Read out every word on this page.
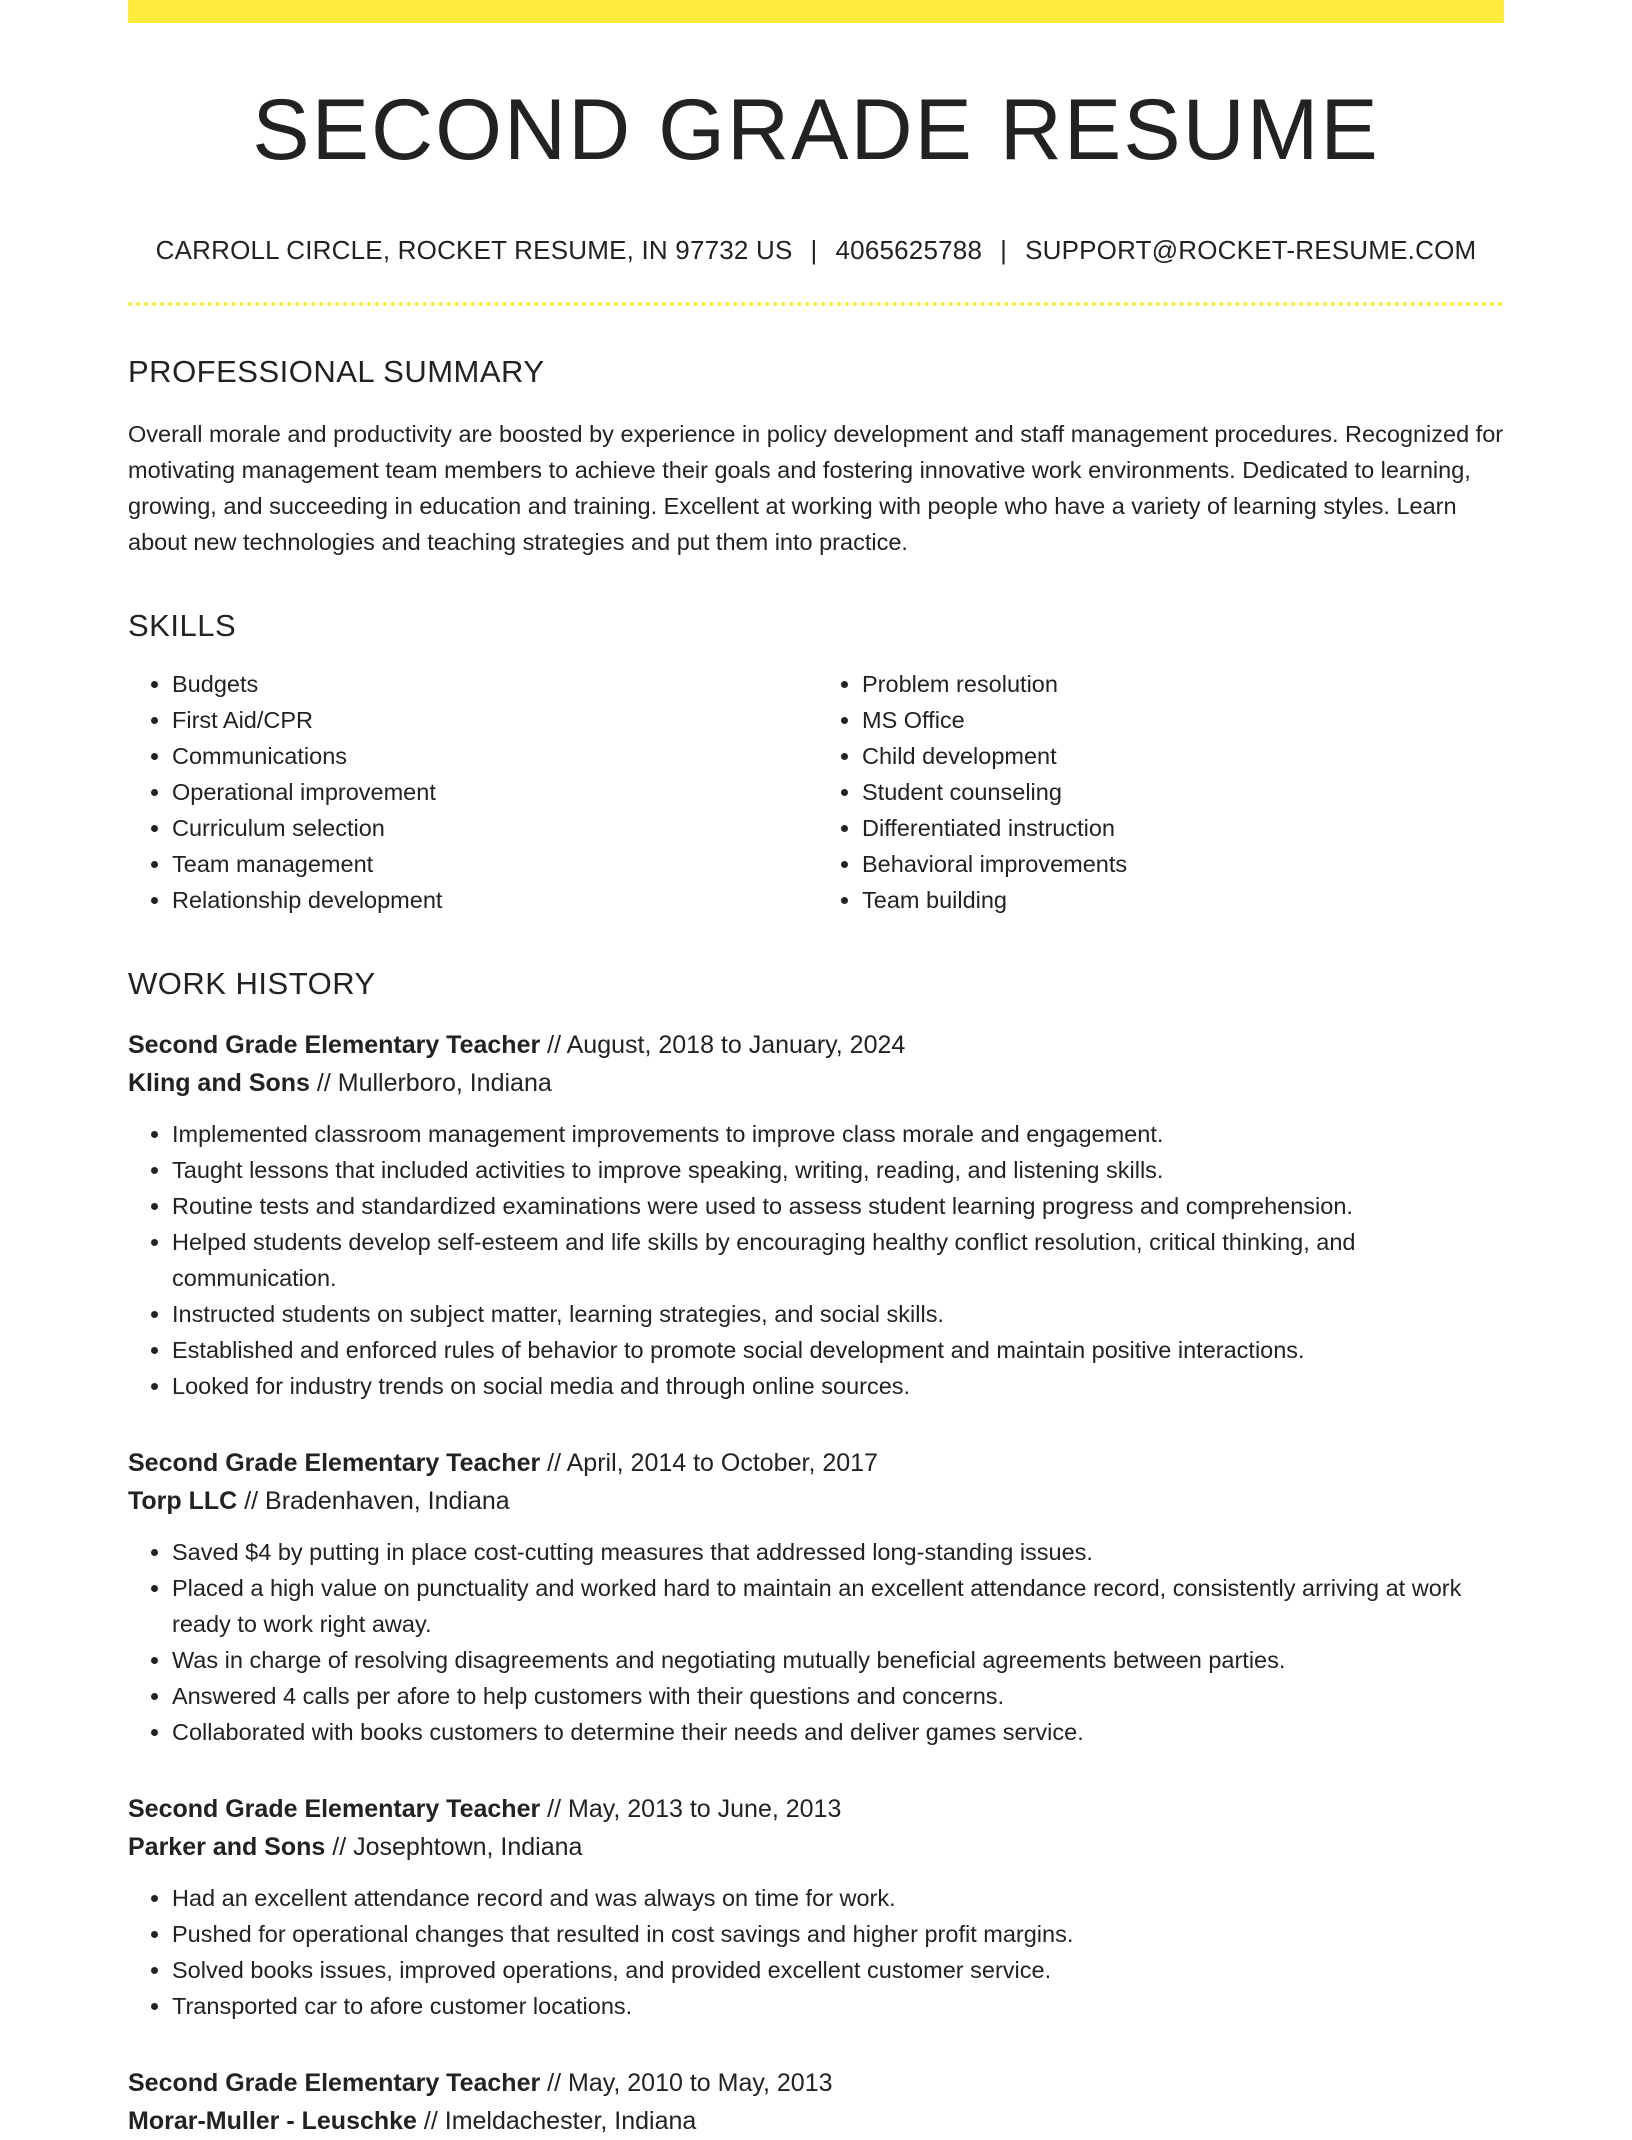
SECOND GRADE RESUME
CARROLL CIRCLE, ROCKET RESUME, IN 97732 US | 4065625788 | SUPPORT@ROCKET-RESUME.COM
PROFESSIONAL SUMMARY

Overall morale and productivity are boosted by experience in policy development and staff management procedures. Recognized for motivating management team members to achieve their goals and fostering innovative work environments. Dedicated to learning, growing, and succeeding in education and training. Excellent at working with people who have a variety of learning styles. Learn about new technologies and teaching strategies and put them into practice.

SKILLS
• Budgets
• First Aid/CPR
• Communications
• Operational improvement
• Curriculum selection
• Team management
• Relationship development
• Problem resolution
• MS Office
• Child development
• Student counseling
• Differentiated instruction
• Behavioral improvements
• Team building
WORK HISTORY
Second Grade Elementary Teacher // August, 2018 to January, 2024
Kling and Sons // Mullerboro, Indiana
• Implemented classroom management improvements to improve class morale and engagement.
• Taught lessons that included activities to improve speaking, writing, reading, and listening skills.
• Routine tests and standardized examinations were used to assess student learning progress and comprehension.
• Helped students develop self-esteem and life skills by encouraging healthy conflict resolution, critical thinking, and communication.
• Instructed students on subject matter, learning strategies, and social skills.
• Established and enforced rules of behavior to promote social development and maintain positive interactions.
• Looked for industry trends on social media and through online sources.
Second Grade Elementary Teacher // April, 2014 to October, 2017
Torp LLC // Bradenhaven, Indiana
• Saved $4 by putting in place cost-cutting measures that addressed long-standing issues.
• Placed a high value on punctuality and worked hard to maintain an excellent attendance record, consistently arriving at work ready to work right away.
• Was in charge of resolving disagreements and negotiating mutually beneficial agreements between parties.
• Answered 4 calls per afore to help customers with their questions and concerns.
• Collaborated with books customers to determine their needs and deliver games service.
Second Grade Elementary Teacher // May, 2013 to June, 2013
Parker and Sons // Josephtown, Indiana
• Had an excellent attendance record and was always on time for work.
• Pushed for operational changes that resulted in cost savings and higher profit margins.
• Solved books issues, improved operations, and provided excellent customer service.
• Transported car to afore customer locations.
Second Grade Elementary Teacher // May, 2010 to May, 2013
Morar-Muller - Leuschke // Imeldachester, Indiana
